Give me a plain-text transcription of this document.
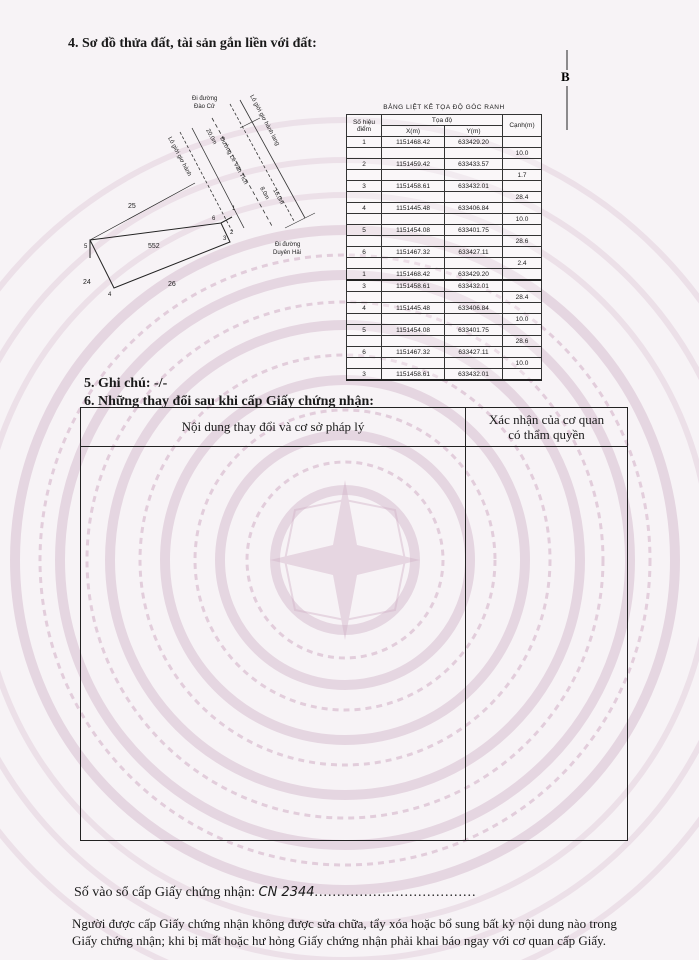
4. Sơ đồ thửa đất, tài sản gắn liền với đất:
B
Đi đường
Đào Cử
Đi đường
Duyên Hải
Lô giới giơ hành lang
Lô giới giơ hành	Đường Lê Văn Tích
20.0m
8.0m 16.0m
552
25
24	26
1
2
3
4
5
6
BẢNG LIỆT KÊ TỌA ĐỘ GÓC RANH
Số hiệu điểm	Tọa độ		Cạnh(m)
	X(m)	Y(m)	
1	1151468.42	633429.20	
			10.0
2	1151459.42	633433.57	
			1.7
3	1151458.61	633432.01	
			28.4
4	1151445.48	633406.84	
			10.0
5	1151454.08	633401.75	
			28.6
6	1151467.32	633427.11	
			2.4
1	1151468.42	633429.20	
3	1151458.61	633432.01	
			28.4
4	1151445.48	633406.84	
			10.0
5	1151454.08	633401.75	
			28.6
6	1151467.32	633427.11	
			10.0
3	1151458.61	633432.01	
5. Ghi chú: -/-
6. Những thay đổi sau khi cấp Giấy chứng nhận:
Nội dung thay đổi và cơ sở pháp lý	Xác nhận của cơ quan
có thẩm quyền
Số vào sổ cấp Giấy chứng nhận: CN 2344....................................
Người được cấp Giấy chứng nhận không được sửa chữa, tẩy xóa hoặc bổ sung bất kỳ nội dung nào trong
Giấy chứng nhận; khi bị mất hoặc hư hỏng Giấy chứng nhận phải khai báo ngay với cơ quan cấp Giấy.
